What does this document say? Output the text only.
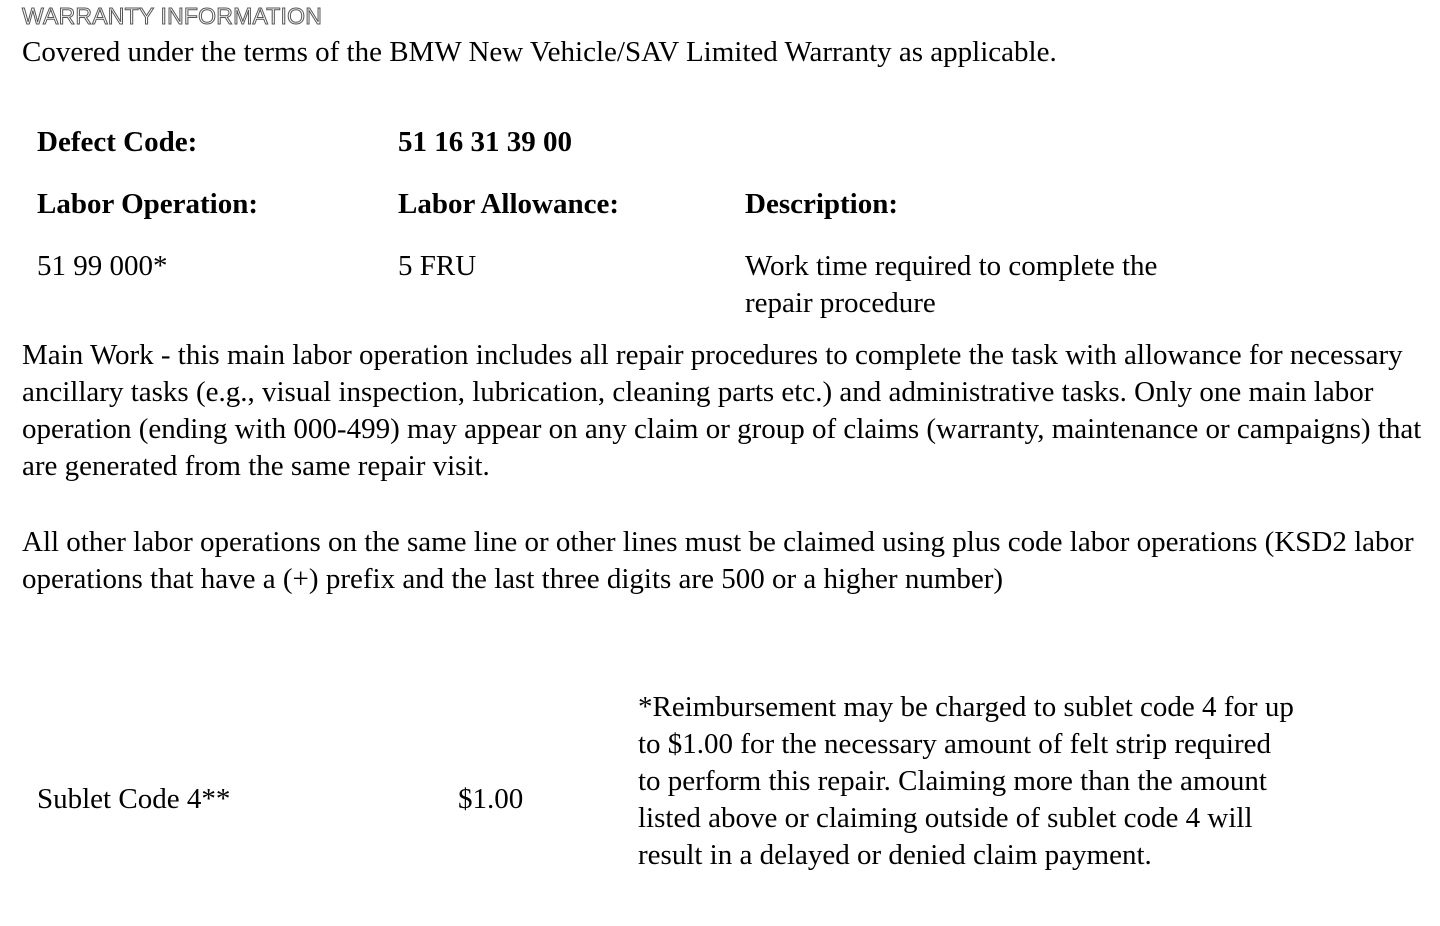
WARRANTY INFORMATION
Covered under the terms of the BMW New Vehicle/SAV Limited Warranty as applicable.
Defect Code:	51 16 31 39 00
Labor Operation:	Labor Allowance:	Description:
51 99 000*	5 FRU	Work time required to complete the
repair procedure
Main Work - this main labor operation includes all repair procedures to complete the task with allowance for necessary ancillary tasks (e.g., visual inspection, lubrication, cleaning parts etc.) and administrative tasks. Only one main labor operation (ending with 000-499) may appear on any claim or group of claims (warranty, maintenance or campaigns) that are generated from the same repair visit.
All other labor operations on the same line or other lines must be claimed using plus code labor operations (KSD2 labor operations that have a (+) prefix and the last three digits are 500 or a higher number)
Sublet Code 4**	$1.00
*Reimbursement may be charged to sublet code 4 for up to $1.00 for the necessary amount of felt strip required to perform this repair. Claiming more than the amount listed above or claiming outside of sublet code 4 will result in a delayed or denied claim payment.
